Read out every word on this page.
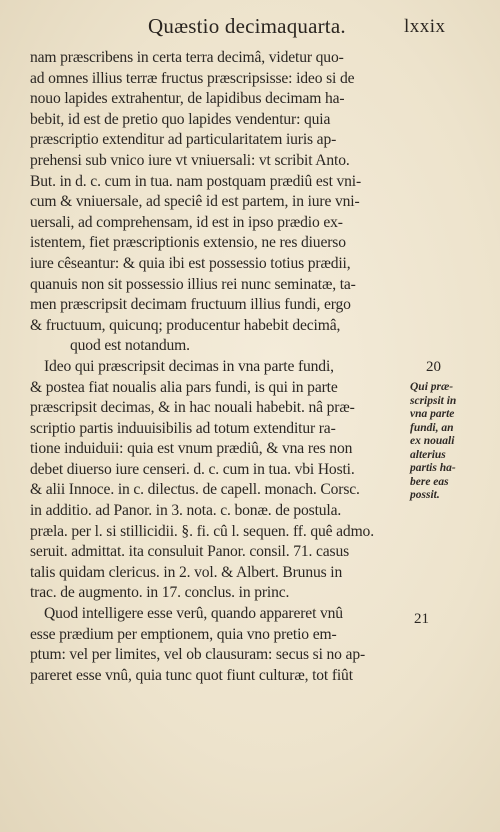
Quæstio decimaquarta.	lxxix
nam præscribens in certa terra decimâ, videtur quo-
ad omnes illius terræ fructus præscripsisse: ideo si de
nouo lapides extrahentur, de lapidibus decimam ha-
bebit, id est de pretio quo lapides vendentur: quia
præscriptio extenditur ad particularitatem iuris ap-
prehensi sub vnico iure vt vniuersali: vt scribit Anto.
But. in d. c. cum in tua. nam postquam prædiû est vni-
cum & vniuersale, ad speciê id est partem, in iure vni-
uersali, ad comprehensam, id est in ipso prædio ex-
istentem, fiet præscriptionis extensio, ne res diuerso
iure cêseantur: & quia ibi est possessio totius prædii,
quanuis non sit possessio illius rei nunc seminatæ, ta-
men præscripsit decimam fructuum illius fundi, ergo
& fructuum, quicunq; producentur habebit decimâ,
quod est notandum.
Ideo qui præscripsit decimas in vna parte fundi,
& postea fiat noualis alia pars fundi, is qui in parte
præscripsit decimas, & in hac nouali habebit. nâ præ-
scriptio partis induuisibilis ad totum extenditur ra-
tione induiduii: quia est vnum prædiû, & vna res non
debet diuerso iure censeri. d. c. cum in tua. vbi Hosti.
& alii Innoce. in c. dilectus. de capell. monach. Corsc.
in additio. ad Panor. in 3. nota. c. bonæ. de postula.
præla. per l. si stillicidii. §. fi. cû l. sequen. ff. quê admo.
seruit. admittat. ita consuluit Panor. consil. 71. casus
talis quidam clericus. in 2. vol. & Albert. Brunus in
trac. de augmento. in 17. conclus. in princ.
Quod intelligere esse verû, quando appareret vnû
esse prædium per emptionem, quia vno pretio em-
ptum: vel per limites, vel ob clausuram: secus si no ap-
pareret esse vnû, quia tunc quot fiunt culturæ, tot fiût
20
21
Qui præ-
scripsit in
vna parte
fundi, an
ex nouali
alterius
partis ha-
bere eas
possit.
